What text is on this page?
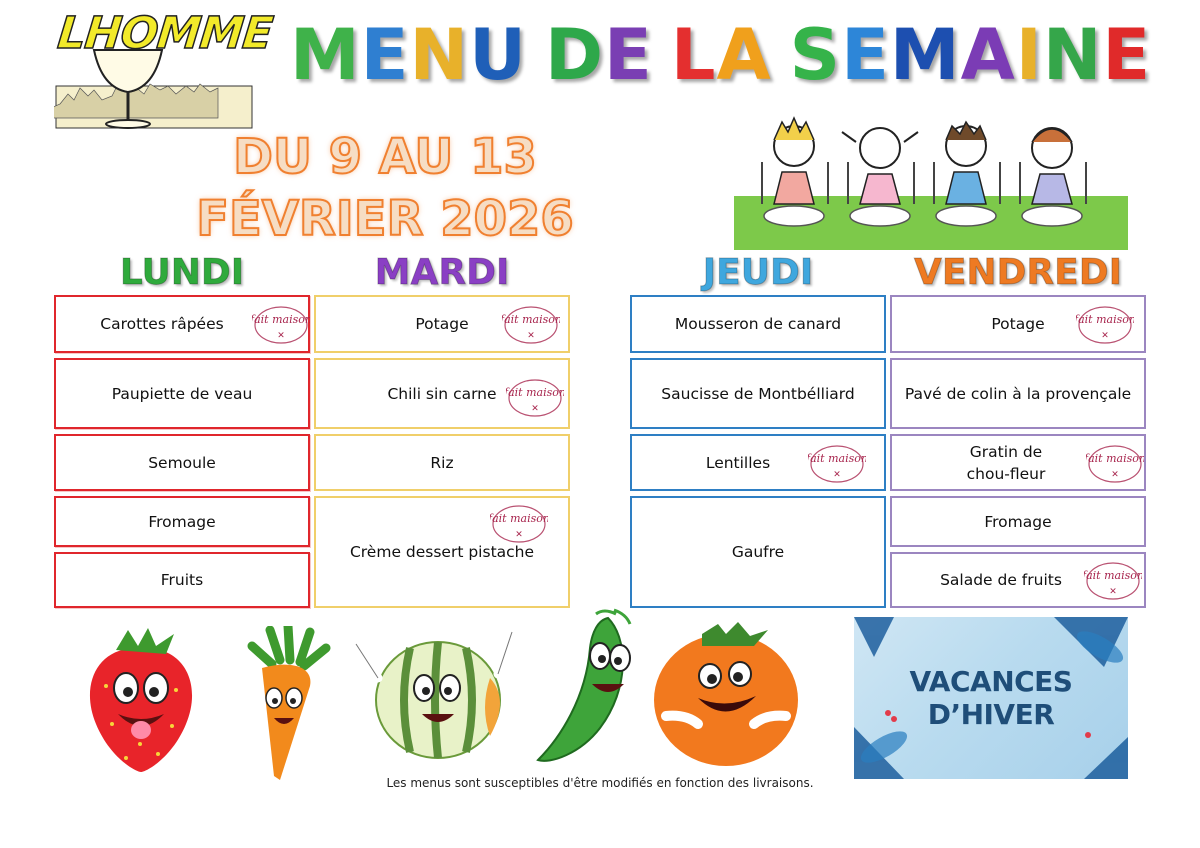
LHOMME MENU DE LA SEMAINE
DU 9 AU 13
FÉVRIER 2026
LUNDI	MARDI	JEUDI	VENDREDI
Carottes râpées fait maison
✕
Paupiette de veau
Semoule
Fromage
Fruits
Potage	fait maison
✕
Chili sin carne fait maison
✕
Riz
Crème dessert pistache
fait maison
✕
Mousseron de canard
Saucisse de Montbélliard
Lentilles	fait maison
✕
Gaufre
Potage	fait maison
✕
Pavé de colin à la provençale
Gratin de
chou-fleur
fait maison
✕
Fromage
Salade de fruits fait maison
✕
VACANCES
D’HIVER
Les menus sont susceptibles d'être modifiés en fonction des livraisons.
